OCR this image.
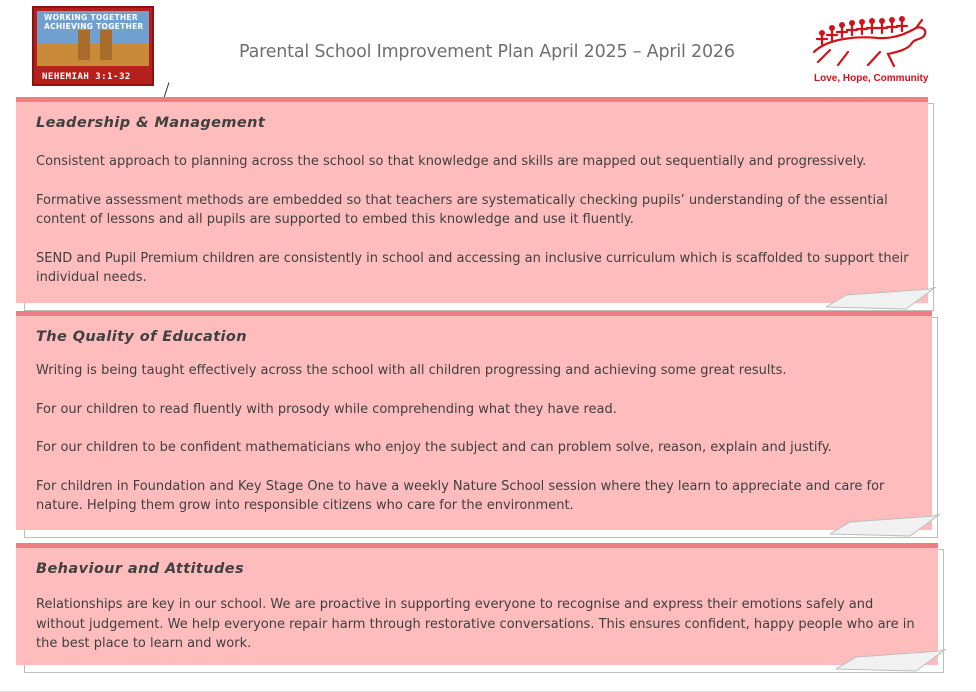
WORKING TOGETHER
ACHIEVING TOGETHER
NEHEMIAH 3:1-32
Parental School Improvement Plan April 2025 – April 2026
Love, Hope, Community
Leadership & Management

Consistent approach to planning across the school so that knowledge and skills are mapped out sequentially and progressively.

Formative assessment methods are embedded so that teachers are systematically checking pupils’ understanding of the essential content of lessons and all pupils are supported to embed this knowledge and use it fluently.

SEND and Pupil Premium children are consistently in school and accessing an inclusive curriculum which is scaffolded to support their individual needs.

The Quality of Education

Writing is being taught effectively across the school with all children progressing and achieving some great results.

For our children to read fluently with prosody while comprehending what they have read.

For our children to be confident mathematicians who enjoy the subject and can problem solve, reason, explain and justify.

For children in Foundation and Key Stage One to have a weekly Nature School session where they learn to appreciate and care for nature. Helping them grow into responsible citizens who care for the environment.

Behaviour and Attitudes

Relationships are key in our school. We are proactive in supporting everyone to recognise and express their emotions safely and without judgement. We help everyone repair harm through restorative conversations. This ensures confident, happy people who are in the best place to learn and work.
